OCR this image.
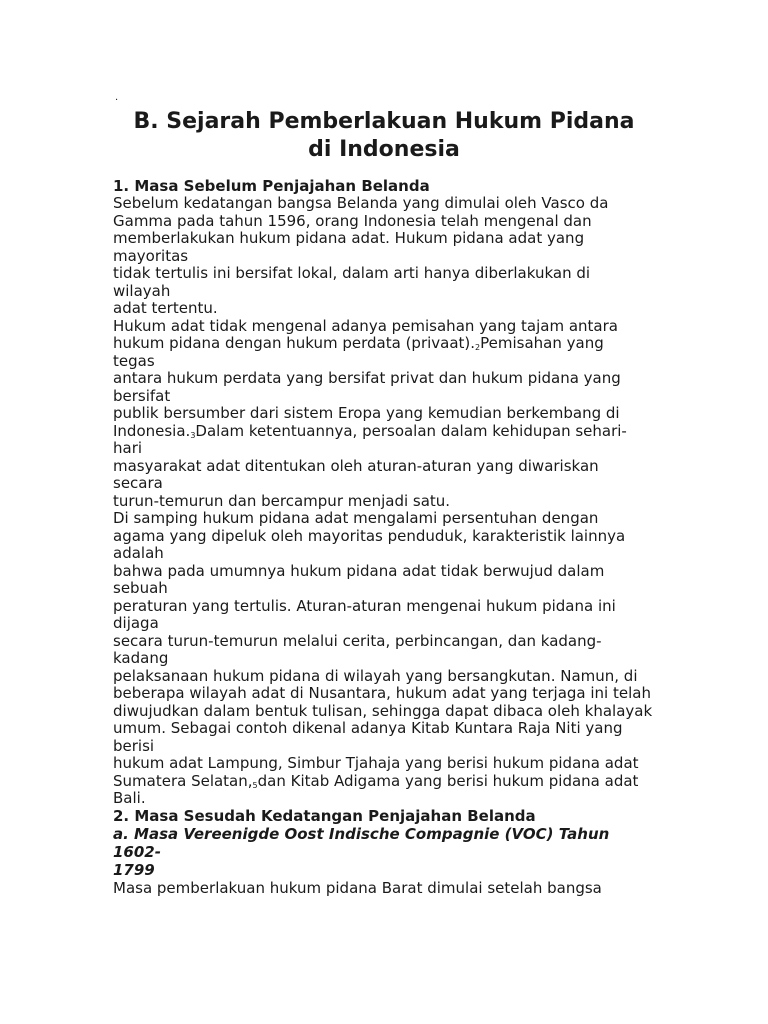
.
B. Sejarah Pemberlakuan Hukum Pidana
di Indonesia
1. Masa Sebelum Penjajahan Belanda
Sebelum kedatangan bangsa Belanda yang dimulai oleh Vasco da
Gamma pada tahun 1596, orang Indonesia telah mengenal dan
memberlakukan hukum pidana adat. Hukum pidana adat yang
mayoritas
tidak tertulis ini bersifat lokal, dalam arti hanya diberlakukan di
wilayah
adat tertentu.
Hukum adat tidak mengenal adanya pemisahan yang tajam antara
hukum pidana dengan hukum perdata (privaat).$^2$Pemisahan yang
tegas
antara hukum perdata yang bersifat privat dan hukum pidana yang
bersifat
publik bersumber dari sistem Eropa yang kemudian berkembang di
Indonesia.$^3$Dalam ketentuannya, persoalan dalam kehidupan sehari-
hari
masyarakat adat ditentukan oleh aturan-aturan yang diwariskan
secara
turun-temurun dan bercampur menjadi satu.
Di samping hukum pidana adat mengalami persentuhan dengan
agama yang dipeluk oleh mayoritas penduduk, karakteristik lainnya
adalah
bahwa pada umumnya hukum pidana adat tidak berwujud dalam
sebuah
peraturan yang tertulis. Aturan-aturan mengenai hukum pidana ini
dijaga
secara turun-temurun melalui cerita, perbincangan, dan kadang-
kadang
pelaksanaan hukum pidana di wilayah yang bersangkutan. Namun, di
beberapa wilayah adat di Nusantara, hukum adat yang terjaga ini telah
diwujudkan dalam bentuk tulisan, sehingga dapat dibaca oleh khalayak
umum. Sebagai contoh dikenal adanya Kitab Kuntara Raja Niti yang
berisi
hukum adat Lampung, Simbur Tjahaja yang berisi hukum pidana adat
Sumatera Selatan,$^5$dan Kitab Adigama yang berisi hukum pidana adat
Bali.
2. Masa Sesudah Kedatangan Penjajahan Belanda
a. Masa Vereenigde Oost Indische Compagnie (VOC) Tahun
1602-
1799
Masa pemberlakuan hukum pidana Barat dimulai setelah bangsa
